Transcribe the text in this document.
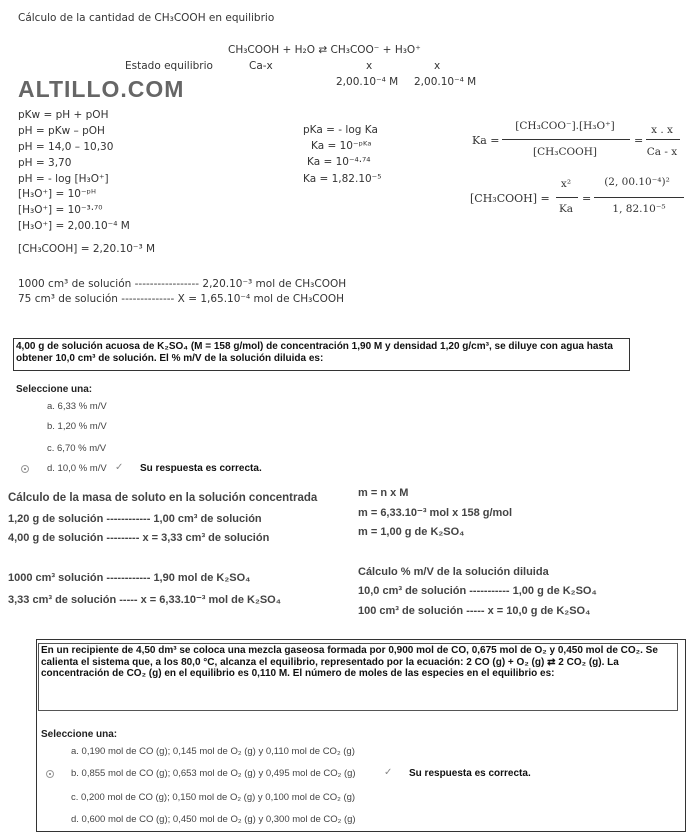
Cálculo de la cantidad de CH₃COOH en equilibrio
CH₃COOH + H₂O ⇄ CH₃COO⁻ + H₃O⁺
Estado equilibrio	Ca-x	x	x
2,00.10⁻⁴ M 2,00.10⁻⁴ M
ALTILLO.COM
pKw = pH + pOH
pH = pKw – pOH
pH = 14,0 – 10,30
pH = 3,70
pH = - log [H₃O⁺]
[H₃O⁺] = 10⁻ᵖᴴ
[H₃O⁺] = 10⁻³·⁷⁰
[H₃O⁺] = 2,00.10⁻⁴ M
[CH₃COOH] = 2,20.10⁻³ M
pKa = - log Ka
Ka = 10⁻ᵖᴷᵃ
Ka = 10⁻⁴·⁷⁴
Ka = 1,82.10⁻⁵
Ka =
[CH₃COO⁻].[H₃O⁺]
[CH₃COOH]
=
x . x
Ca - x
[CH₃COOH] =
x²
Ka
=
(2, 00.10⁻⁴)²
1, 82.10⁻⁵
1000 cm³ de solución ----------------- 2,20.10⁻³ mol de CH₃COOH
75 cm³ de solución -------------- X = 1,65.10⁻⁴ mol de CH₃COOH
4,00 g de solución acuosa de K₂SO₄ (M = 158 g/mol) de concentración 1,90 M y densidad 1,20 g/cm³, se diluye con agua hasta obtener 10,0 cm³ de solución. El % m/V de la solución diluida es:
Seleccione una:
a. 6,33 % m/V
b. 1,20 % m/V
c. 6,70 % m/V
d. 10,0 % m/V ✓ Su respuesta es correcta.
Cálculo de la masa de soluto en la solución concentrada
1,20 g de solución ------------ 1,00 cm³ de solución
4,00 g de solución --------- x = 3,33 cm³ de solución
1000 cm³ solución ------------ 1,90 mol de K₂SO₄
3,33 cm³ de solución ----- x = 6,33.10⁻³ mol de K₂SO₄
m = n x M
m = 6,33.10⁻³ mol x 158 g/mol
m = 1,00 g de K₂SO₄
Cálculo % m/V de la solución diluida
10,0 cm³ de solución ----------- 1,00 g de K₂SO₄
100 cm³ de solución ----- x = 10,0 g de K₂SO₄
En un recipiente de 4,50 dm³ se coloca una mezcla gaseosa formada por 0,900 mol de CO, 0,675 mol de O₂ y 0,450 mol de CO₂. Se calienta el sistema que, a los 80,0 °C, alcanza el equilibrio, representado por la ecuación: 2 CO (g) + O₂ (g) ⇄ 2 CO₂ (g). La concentración de CO₂ (g) en el equilibrio es 0,110 M. El número de moles de las especies en el equilibrio es:
Seleccione una:
a. 0,190 mol de CO (g); 0,145 mol de O₂ (g) y 0,110 mol de CO₂ (g)
b. 0,855 mol de CO (g); 0,653 mol de O₂ (g) y 0,495 mol de CO₂ (g)	✓ Su respuesta es correcta.
c. 0,200 mol de CO (g); 0,150 mol de O₂ (g) y 0,100 mol de CO₂ (g)
d. 0,600 mol de CO (g); 0,450 mol de O₂ (g) y 0,300 mol de CO₂ (g)
